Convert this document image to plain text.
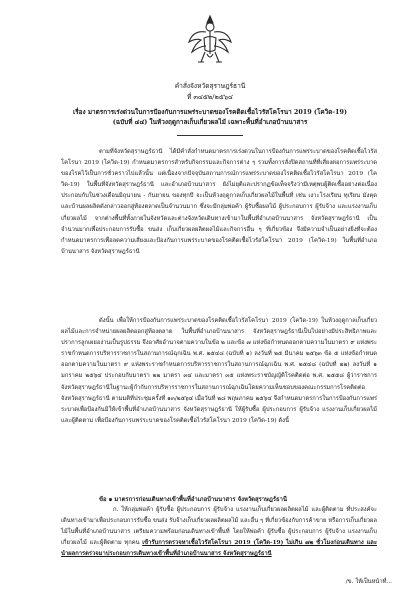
คำสั่งจังหวัดสุราษฎร์ธานี
ที่ ๓๔๕๒/๒๕๖๔
เรื่อง มาตรการเร่งด่วนในการป้องกันการแพร่ระบาดของโรคติดเชื้อไวรัสโคโรนา 2019 (โควิด-19)
(ฉบับที่ ๔๔) ในห้วงฤดูกาลเก็บเกี่ยวผลไม้ เฉพาะพื้นที่อำเภอบ้านนาสาร
ตามที่จังหวัดสุราษฎร์ธานี ได้มีคำสั่งกำหนดมาตรการเร่งด่วนในการป้องกันการแพร่ระบาดของโรคติดเชื้อไวรัสโคโรนา 2019 (โควิด-19) กำหนดมาตรการสำหรับกิจกรรมและกิจการต่าง ๆ รวมทั้งการสั่งปิดสถานที่ที่เสี่ยงต่อการแพร่ระบาดของโรคไว้เป็นการชั่วคราวไปแล้วนั้น แต่เนื่องจากปัจจุบันสถานการณ์การแพร่ระบาดของโรคติดเชื้อไวรัสโคโรนา 2019 (โควิด-19) ในพื้นที่จังหวัดสุราษฎร์ธานี และอำเภอบ้านนาสาร ยังไม่ยุติและปรากฏข้อเท็จจริงว่ามีเหตุพบผู้ติดเชื้ออย่างต่อเนื่อง ประกอบกับในช่วงเดือนมิถุนายน - กันยายน ของทุกปี จะเป็นห้วงฤดูกาลเก็บเกี่ยวผลไม้ในพื้นที่ เช่น เงาะโรงเรียน ทุเรียน มังคุด และบ้านผลผลิตดังกล่าวออกสู่ท้องตลาดเป็นจำนวนมาก ซึ่งจะมีกลุ่มพ่อค้า ผู้รับซื้อผลไม้ ผู้ประกอบการ ผู้รับจ้าง และแรงงานเก็บเกี่ยวผลไม้ จากต่างพื้นที่ทั้งภายในจังหวัดและต่างจังหวัดเดินทางเข้ามาในพื้นที่อำเภอบ้านนาสาร จังหวัดสุราษฎร์ธานี เป็นจำนวนมากเพื่อประกอบการรับซื้อ ขนส่ง เก็บเกี่ยวผลผลิตผลไม้และกิจการอื่น ๆ ที่เกี่ยวข้อง จึงมีความจำเป็นอย่างยิ่งที่จะต้องกำหนดมาตรการเพื่อลดความเสี่ยงและป้องกันการแพร่ระบาดของโรคติดเชื้อไวรัสโคโรนา 2019 (โควิด-19) ในพื้นที่อำเภอบ้านนาสาร จังหวัดสุราษฎร์ธานี
ดังนั้น เพื่อให้การป้องกันการแพร่ระบาดของโรคติดเชื้อไวรัสโคโรนา 2019 (โควิด-19) ในห้วงฤดูกาลเก็บเกี่ยวผลไม้และการจำหน่ายผลผลิตออกสู่ท้องตลาด ในพื้นที่อำเภอบ้านนาสาร จังหวัดสุราษฎร์ธานีเป็นไปอย่างมีประสิทธิภาพและปราการลูกเผยอง่านเป็นรูปธรรม จึงอาศัยอำนาจตามความในข้อ ๒ และข้อ ๗ แห่งข้อกำหนดออกตามความในมาตรา ๙ แห่งพระราชกำหนดการบริหารราชการในสถานการณ์ฉุกเฉิน พ.ศ. ๒๕๔๘ (ฉบับที่ ๑) ลงวันที่ ๒๕ มีนาคม ๒๕๖๓ ข้อ ๕ แห่งข้อกำหนดออกตามความในมาตรา ๙ แห่งพระราชกำหนดการบริหารราชการในสถานการณ์ฉุกเฉิน พ.ศ. ๒๕๔๘ (ฉบับที่ ๒๒) ลงวันที่ ๑ มกราคม ๒๕๖๔ ประกอบกับมาตรา ๒๒ มาตรา ๓๔ และมาตรา ๓๕ แห่งพระราชบัญญัติโรคติดต่อ พ.ศ. ๒๕๕๘ ผู้ว่าราชการจังหวัดสุราษฎร์ธานีในฐานะผู้กำกับการบริหารราชการในสถานการณ์ฉุกเฉินโดยความเห็นชอบของคณะกรรมการโรคติดต่อจังหวัดสุราษฎร์ธานี ตามมติที่ประชุมครั้งที่ ๑๓/๒๕๖๔ เมื่อวันที่ ๒๘ พฤษภาคม ๒๕๖๔ จึงกำหนดมาตรการในการป้องกันการแพร่ระบาดเพื่อป้องกันมิให้เข้าพื้นที่อำเภอบ้านนาสาร จังหวัดสุราษฎร์ธานี ให้ผู้รับซื้อ ผู้ประกอบการ ผู้รับจ้าง แรงงานเก็บเกี่ยวผลไม้ และผู้ติดตาม เพื่อป้องกันการแพร่ระบาดของโรคติดเชื้อไวรัสโคโรนา 2019 (โควิด-19) ดังนี้
ข้อ ๑ มาตรการก่อนเดินทางเข้าพื้นที่อำเภอบ้านนาสาร จังหวัดสุราษฎร์ธานี
ก. ให้กลุ่มพ่อค้า ผู้รับซื้อ ผู้ประกอบการ ผู้รับจ้าง แรงงานเก็บเกี่ยวผลผลิตผลไม้ และผู้ติดตาม ที่ประสงค์จะเดินทางเข้ามาเพื่อประกอบการรับซื้อ ขนส่ง รับจ้างเก็บเกี่ยวผลผลิตผลไม้ และอื่น ๆ ที่เกี่ยวข้องกับการค้าขาย หรือการเก็บเกี่ยวผลไม้ในพื้นที่อำเภอบ้านนาสาร เตรียมความพร้อมก่อนเดินทางเข้าพื้นที่ โดยให้พ่อค้า ผู้รับซื้อ ผู้ประกอบการ ผู้รับจ้าง แรงงานเก็บเกี่ยวผลไม้ และผู้ติดตาม ทุกคน เข้ารับการตรวจหาเชื้อไวรัสโคโรนา 2019 (โควิด-19) ไม่เกิน ๗๒ ชั่วโมงก่อนเดินทาง และนำผลการตรวจมาประกอบการเดินทางเข้าพื้นที่อำเภอบ้านนาสาร จังหวัดสุราษฎร์ธานี
/ข. ให้เป็นหน้าที่...
